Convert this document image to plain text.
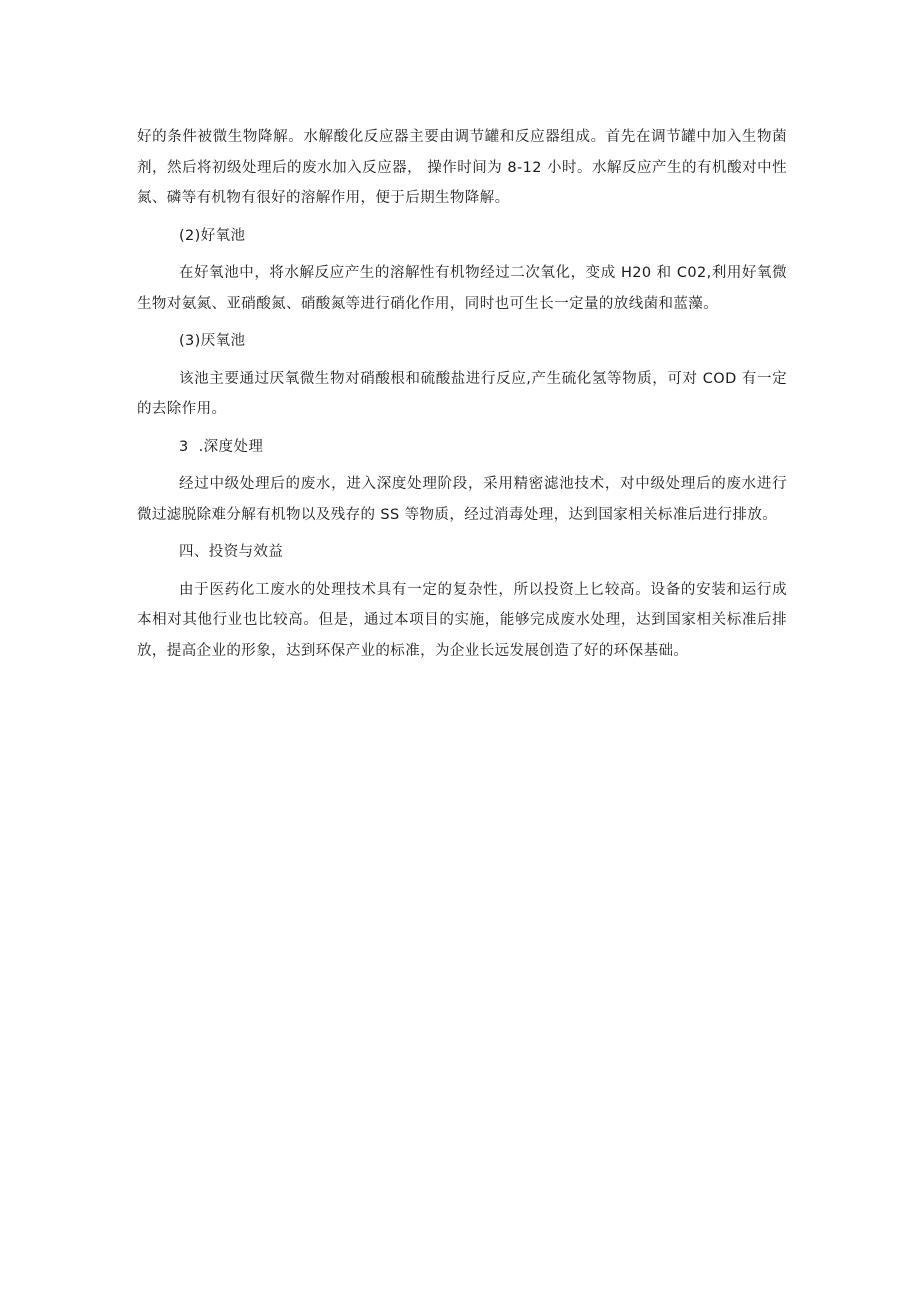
好的条件被微生物降解。水解酸化反应器主要由调节罐和反应器组成。首先在调节罐中加入生物菌剂，然后将初级处理后的废水加入反应器， 操作时间为 8-12 小时。水解反应产生的有机酸对中性氮、磷等有机物有很好的溶解作用，便于后期生物降解。

(2)好氧池

在好氧池中，将水解反应产生的溶解性有机物经过二次氧化，变成 H20 和 C02,利用好氧微生物对氨氮、亚硝酸氮、硝酸氮等进行硝化作用，同时也可生长一定量的放线菌和蓝藻。

(3)厌氧池

该池主要通过厌氧微生物对硝酸根和硫酸盐进行反应,产生硫化氢等物质，可对 COD 有一定的去除作用。

3  .深度处理

经过中级处理后的废水，进入深度处理阶段，采用精密滤池技术，对中级处理后的废水进行微过滤脱除难分解有机物以及残存的 SS 等物质，经过消毒处理，达到国家相关标准后进行排放。

四、投资与效益

由于医药化工废水的处理技术具有一定的复杂性，所以投资上匕较高。设备的安装和运行成本相对其他行业也比较高。但是，通过本项目的实施，能够完成废水处理，达到国家相关标准后排放，提高企业的形象，达到环保产业的标准，为企业长远发展创造了好的环保基础。
